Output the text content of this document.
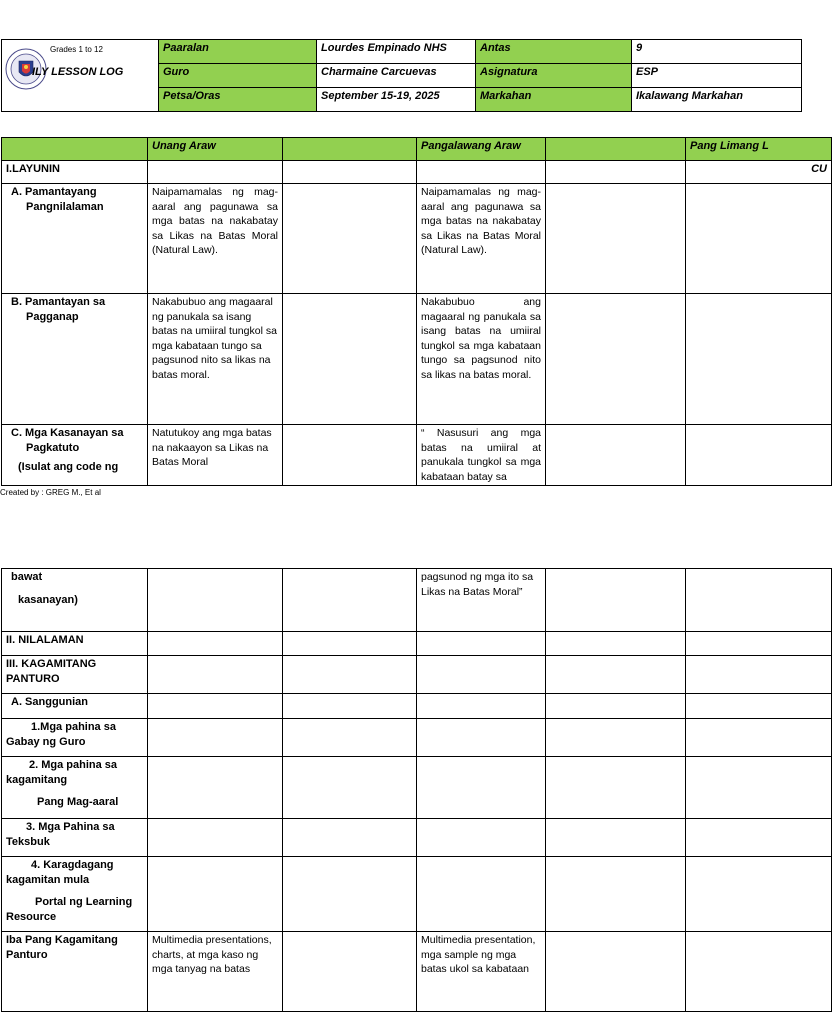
Grades 1 to 12
ILY LESSON LOG	Paaralan	Lourdes Empinado NHS	Antas	9
	Guro	Charmaine Carcuevas	Asignatura	ESP
	Petsa/Oras	September 15-19, 2025	Markahan	Ikalawang Markahan
	Unang Araw		Pangalawang Araw		Pang Limang L
I.LAYUNIN					CU

A. Pamantayang
Pangnilalaman	Naipamamalas ng mag-aaral ang pagunawa sa mga batas na nakabatay sa Likas na Batas Moral (Natural Law).		Naipamamalas ng mag-aaral ang pagunawa sa mga batas na nakabatay sa Likas na Batas Moral (Natural Law).		

B. Pamantayan sa
Pagganap	Nakabubuo ang magaaral ng panukala sa isang batas na umiiral tungkol sa mga kabataan tungo sa pagsunod nito sa likas na batas moral.		Nakabubuo ang magaaral ng panukala sa isang batas na umiiral tungkol sa mga kabataan tungo sa pagsunod nito sa likas na batas moral.		

C. Mga Kasanayan sa
Pagkatuto
(Isulat ang code ng	Natutukoy ang mga batas na nakaayon sa Likas na Batas Moral		“ Nasusuri ang mga batas na umiiral at panukala tungkol sa mga kabataan batay sa		
Created by : GREG M., Et al
bawat
kasanayan)			pagsunod ng mga ito sa Likas na Batas Moral”		
II. NILALAMAN					

III. KAGAMITANG
PANTURO					

A. Sanggunian					

1.Mga pahina sa
Gabay ng Guro					

2. Mga pahina sa
kagamitang
Pang Mag-aaral					

3. Mga Pahina sa
Teksbuk					

4. Karagdagang
kagamitan mula
Portal ng Learning
Resource					

Iba Pang Kagamitang
Panturo	Multimedia presentations, charts, at mga kaso ng mga tanyag na batas		Multimedia presentation, mga sample ng mga batas ukol sa kabataan		
